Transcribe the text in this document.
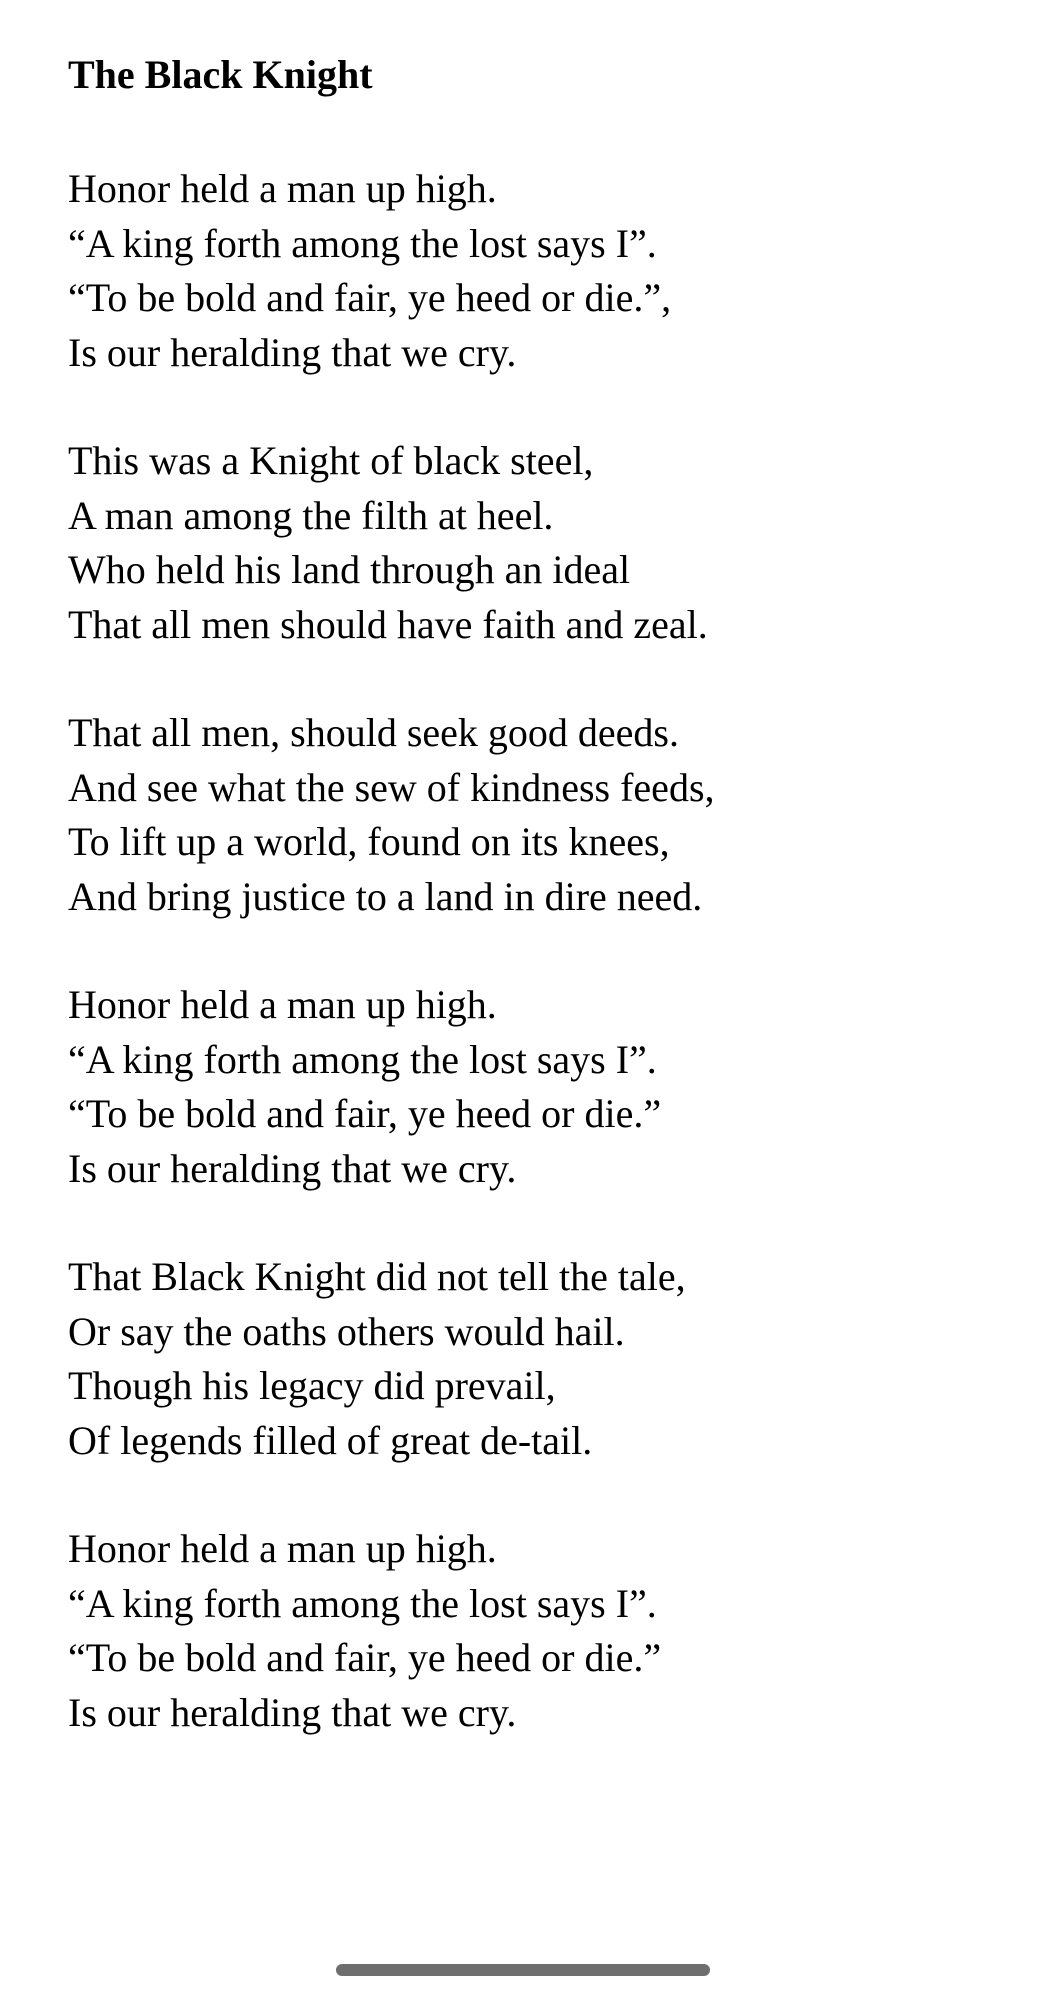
The Black Knight
Honor held a man up high.
“A king forth among the lost says I”.
“To be bold and fair, ye heed or die.”,
Is our heralding that we cry.
This was a Knight of black steel,
A man among the filth at heel.
Who held his land through an ideal
That all men should have faith and zeal.
That all men, should seek good deeds.
And see what the sew of kindness feeds,
To lift up a world, found on its knees,
And bring justice to a land in dire need.
Honor held a man up high.
“A king forth among the lost says I”.
“To be bold and fair, ye heed or die.”
Is our heralding that we cry.
That Black Knight did not tell the tale,
Or say the oaths others would hail.
Though his legacy did prevail,
Of legends filled of great de-tail.
Honor held a man up high.
“A king forth among the lost says I”.
“To be bold and fair, ye heed or die.”
Is our heralding that we cry.
